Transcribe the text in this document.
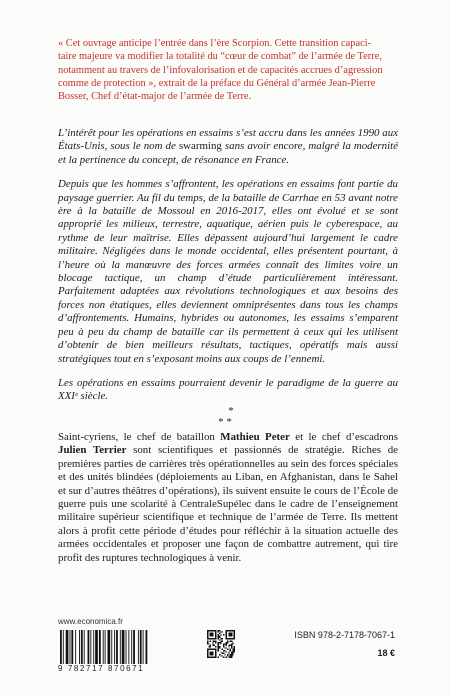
« Cet ouvrage anticipe l’entrée dans l’ère Scorpion. Cette transition capaci-
taire majeure va modifier la totalité du “cœur de combat” de l’armée de Terre,
notamment au travers de l’infovalorisation et de capacités accrues d’agression
comme de protection », extrait de la préface du Général d’armée Jean-Pierre
Bosser, Chef d’état-major de l’armée de Terre.

L’intérêt pour les opérations en essaims s’est accru dans les années 1990 aux États-Unis, sous le nom de swarming sans avoir encore, malgré la modernité et la pertinence du concept, de résonance en France.

Depuis que les hommes s’affrontent, les opérations en essaims font partie du paysage guerrier. Au fil du temps, de la bataille de Carrhae en 53 avant notre ère à la bataille de Mossoul en 2016-2017, elles ont évolué et se sont approprié les milieux, terrestre, aquatique, aérien puis le cyberespace, au rythme de leur maîtrise. Elles dépassent aujourd’hui largement le cadre militaire. Négligées dans le monde occidental, elles présentent pourtant, à l’heure où la manœuvre des forces armées connaît des limites voire un blocage tactique, un champ d’étude particulièrement intéressant. Parfaitement adaptées aux révolutions technologiques et aux besoins des forces non étatiques, elles deviennent omniprésentes dans tous les champs d’affrontements. Humains, hybrides ou autonomes, les essaims s’emparent peu à peu du champ de bataille car ils permettent à ceux qui les utilisent d’obtenir de bien meilleurs résultats, tactiques, opératifs mais aussi stratégiques tout en s’exposant moins aux coups de l’ennemi.

Les opérations en essaims pourraient devenir le paradigme de la guerre au XXIᵉ siècle.

*
* *
Saint-cyriens, le chef de bataillon Mathieu Peter et le chef d’escadrons Julien Terrier sont scientifiques et passionnés de stratégie. Riches de premières parties de carrières très opérationnelles au sein des forces spéciales et des unités blindées (déploiements au Liban, en Afghanistan, dans le Sahel et sur d’autres théâtres d’opérations), ils suivent ensuite le cours de l’École de guerre puis une scolarité à CentraleSupélec dans le cadre de l’enseignement militaire supérieur scientifique et technique de l’armée de Terre. Ils mettent alors à profit cette période d’études pour réfléchir à la situation actuelle des armées occidentales et proposer une façon de combattre autrement, qui tire profit des ruptures technologiques à venir.
www.economica.fr
9 782717 870671
ISBN 978-2-7178-7067-1
18 €
